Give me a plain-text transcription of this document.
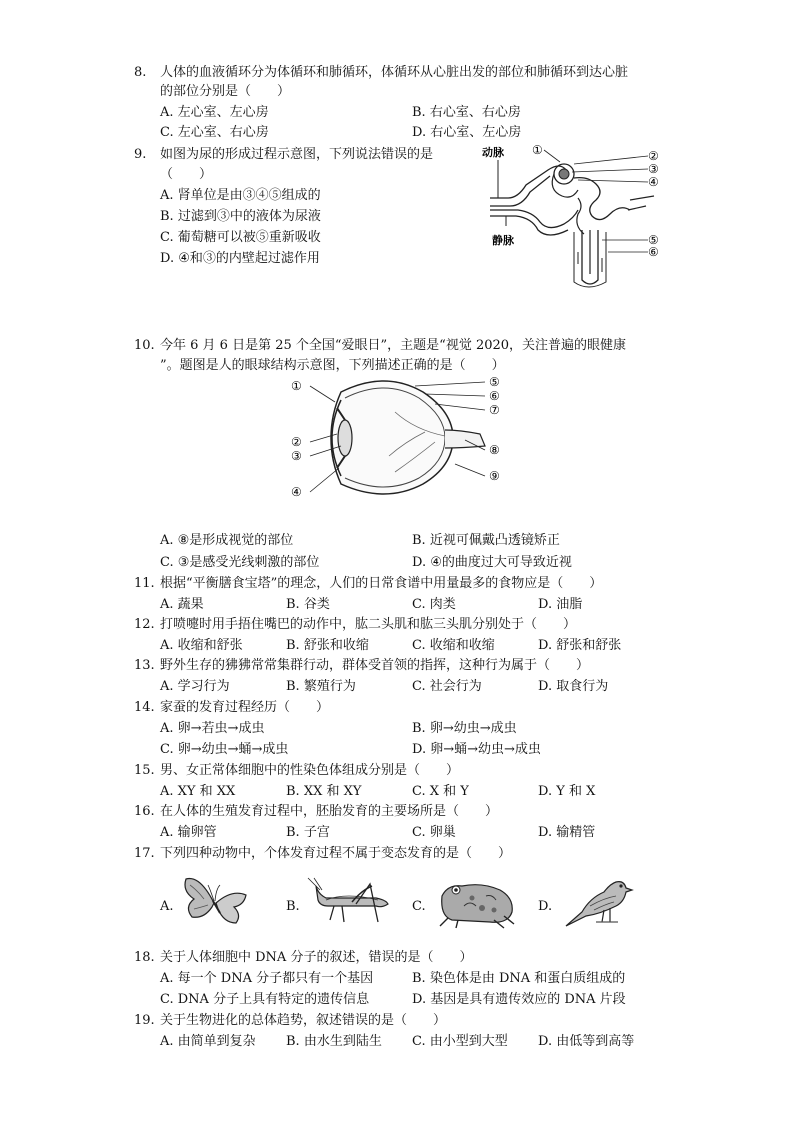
8. 人体的血液循环分为体循环和肺循环，体循环从心脏出发的部位和肺循环到达心脏
的部位分别是（　　）
A. 左心室、左心房	B. 右心室、右心房
C. 左心室、右心房	D. 右心室、左心房
9. 如图为尿的形成过程示意图，下列说法错误的是
（　　）
A. 肾单位是由③④⑤组成的
B. 过滤到③中的液体为尿液
C. 葡萄糖可以被⑤重新吸收
D. ④和③的内壁起过滤作用
动脉
静脉
①	②
③
④
⑤
⑥
10. 今年 6 月 6 日是第 25 个全国“爱眼日”，主题是“视觉 2020，关注普遍的眼健康
”。题图是人的眼球结构示意图，下列描述正确的是（　　）
①
②
③
④
⑤
⑥
⑦
⑧
⑨
A. ⑧是形成视觉的部位	B. 近视可佩戴凸透镜矫正
C. ③是感受光线刺激的部位	D. ④的曲度过大可导致近视
11. 根据“平衡膳食宝塔”的理念，人们的日常食谱中用量最多的食物应是（　　）
A. 蔬果	B. 谷类	C. 肉类	D. 油脂
12. 打喷嚏时用手捂住嘴巴的动作中，肱二头肌和肱三头肌分别处于（　　）
A. 收缩和舒张	B. 舒张和收缩	C. 收缩和收缩	D. 舒张和舒张
13. 野外生存的狒狒常常集群行动，群体受首领的指挥，这种行为属于（　　）
A. 学习行为	B. 繁殖行为	C. 社会行为	D. 取食行为
14. 家蚕的发育过程经历（　　）
A. 卵→若虫→成虫	B. 卵→幼虫→成虫
C. 卵→幼虫→蛹→成虫	D. 卵→蛹→幼虫→成虫
15. 男、女正常体细胞中的性染色体组成分别是（　　）
A. XY 和 XX	B. XX 和 XY	C. X 和 Y	D. Y 和 X
16. 在人体的生殖发育过程中，胚胎发育的主要场所是（　　）
A. 输卵管	B. 子宫	C. 卵巢	D. 输精管
17. 下列四种动物中，个体发育过程不属于变态发育的是（　　）
A.	B.	C.	D.
18. 关于人体细胞中 DNA 分子的叙述，错误的是（　　）
A. 每一个 DNA 分子都只有一个基因	B. 染色体是由 DNA 和蛋白质组成的
C. DNA 分子上具有特定的遗传信息	D. 基因是具有遗传效应的 DNA 片段
19. 关于生物进化的总体趋势，叙述错误的是（　　）
A. 由简单到复杂 B. 由水生到陆生 C. 由小型到大型 D. 由低等到高等
